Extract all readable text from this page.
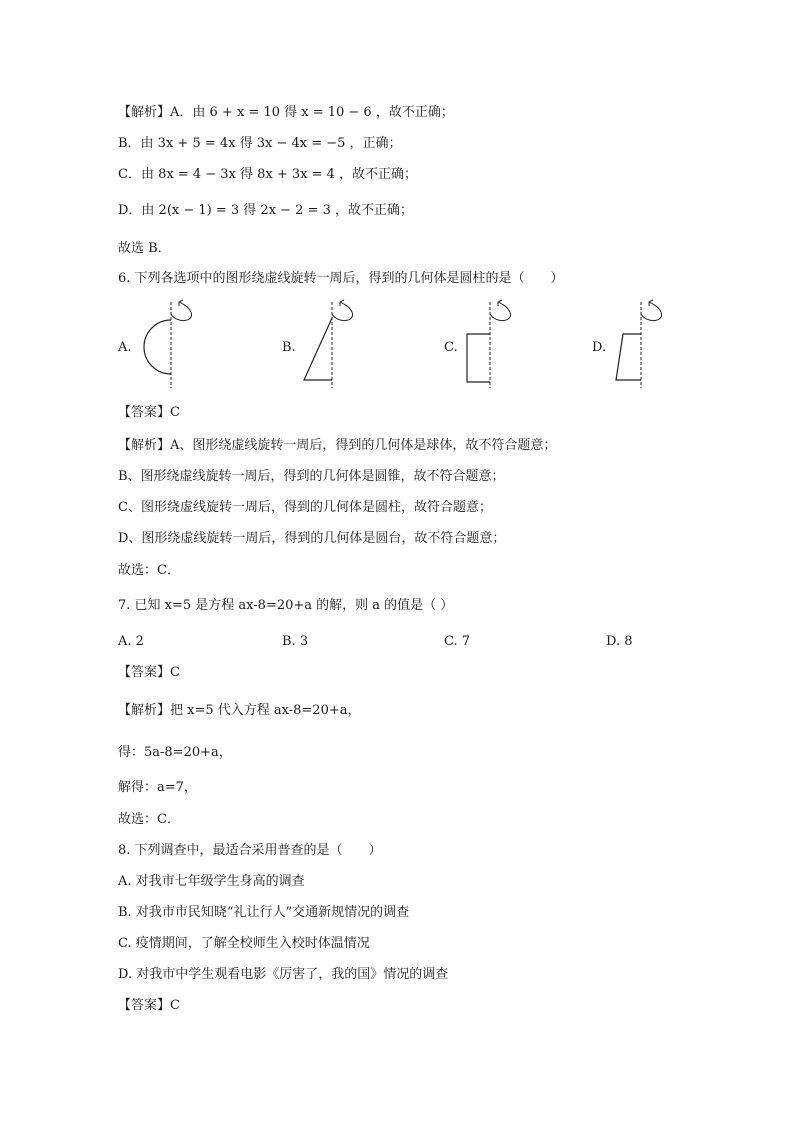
【解析】A．由 6 + x = 10 得 x = 10 − 6 ，故不正确；
B．由 3x + 5 = 4x 得 3x − 4x = −5 ，正确；
C．由 8x = 4 − 3x 得 8x + 3x = 4 ，故不正确；
D．由 2(x − 1) = 3 得 2x − 2 = 3 ，故不正确；
故选 B．
6. 下列各选项中的图形绕虚线旋转一周后，得到的几何体是圆柱的是（　　）
A.	B.	C.	D.
【答案】C
【解析】A、图形绕虚线旋转一周后，得到的几何体是球体，故不符合题意；
B、图形绕虚线旋转一周后，得到的几何体是圆锥，故不符合题意；
C、图形绕虚线旋转一周后，得到的几何体是圆柱，故符合题意；
D、图形绕虚线旋转一周后，得到的几何体是圆台，故不符合题意；
故选：C．
7. 已知 x=5 是方程 ax-8=20+a 的解，则 a 的值是（ ）
A. 2	B. 3	C. 7	D. 8
【答案】C
【解析】把 x=5 代入方程 ax-8=20+a，
得：5a-8=20+a，
解得：a=7，
故选：C．
8. 下列调查中，最适合采用普查的是（　　）
A. 对我市七年级学生身高的调查
B. 对我市市民知晓“礼让行人”交通新规情况的调查
C. 疫情期间，了解全校师生入校时体温情况
D. 对我市中学生观看电影《厉害了，我的国》情况的调查
【答案】C
